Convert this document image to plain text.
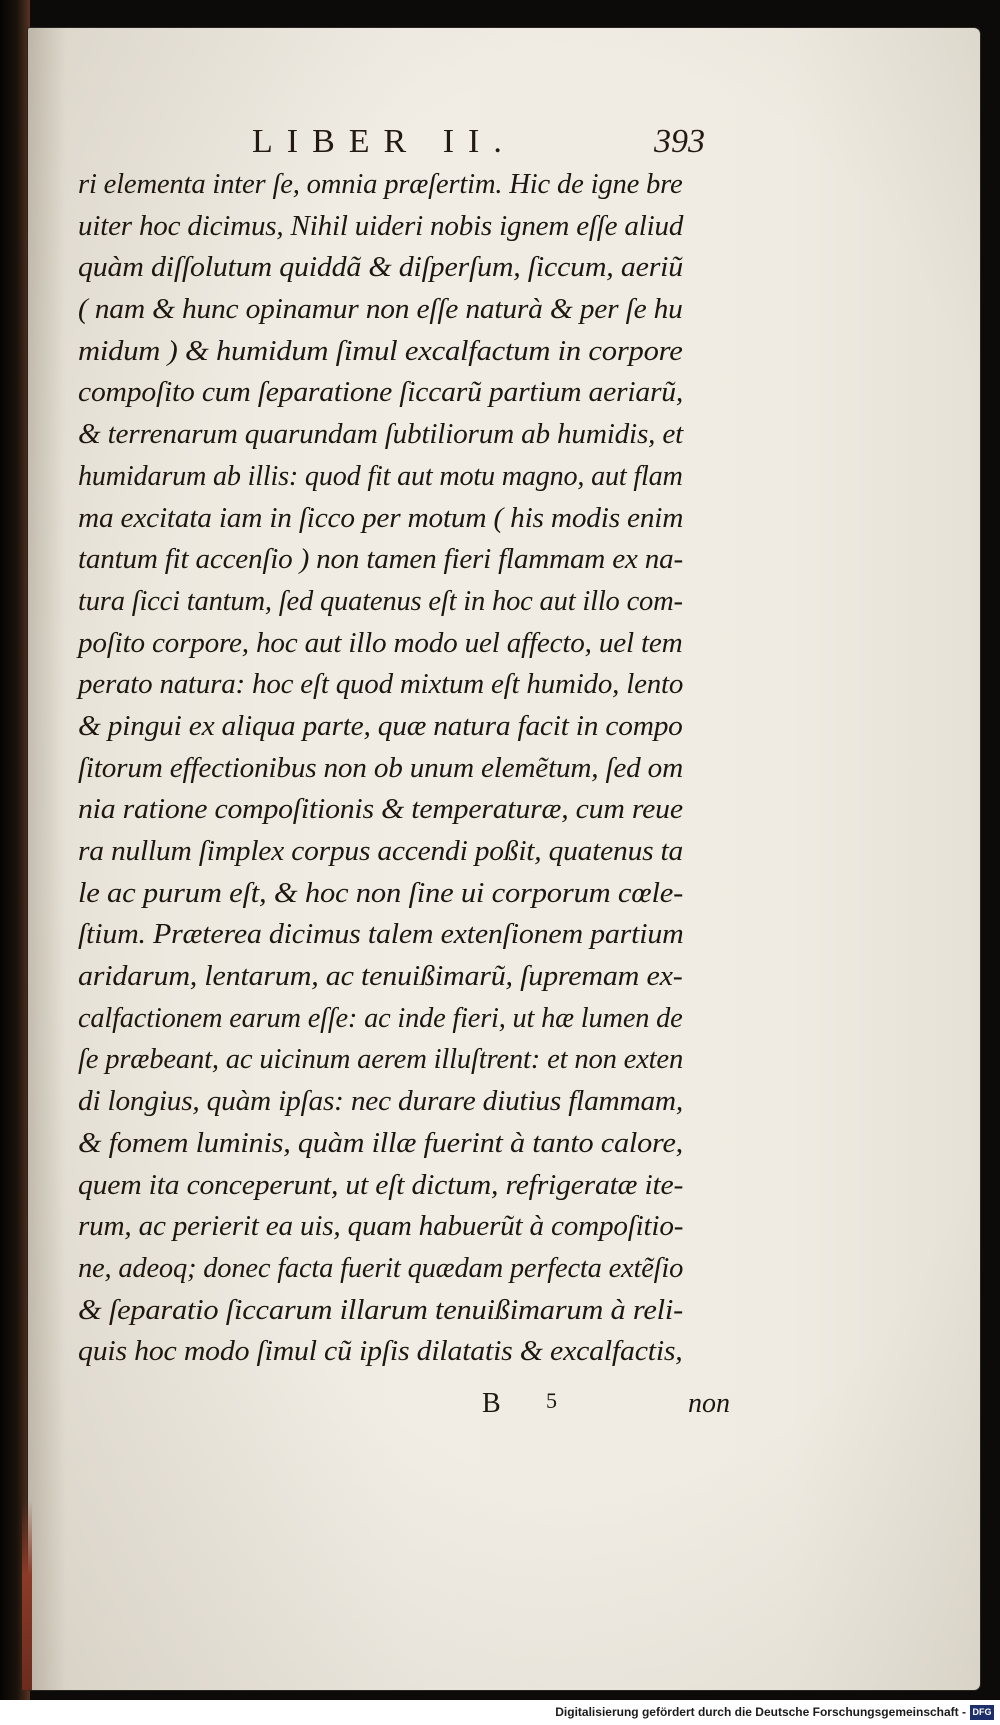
LIBER II.	393
ri elementa inter ſe, omnia præſertim. Hic de igne bre
uiter hoc dicimus, Nihil uideri nobis ignem eſſe aliud
quàm diſſolutum quiddã & diſperſum, ſiccum, aeriũ
( nam & hunc opinamur non eſſe naturà & per ſe hu
midum ) & humidum ſimul excalfactum in corpore
compoſito cum ſeparatione ſiccarũ partium aeriarũ,
& terrenarum quarundam ſubtiliorum ab humidis, et
humidarum ab illis: quod fit aut motu magno, aut flam
ma excitata iam in ſicco per motum ( his modis enim
tantum fit accenſio ) non tamen fieri flammam ex na-
tura ſicci tantum, ſed quatenus eſt in hoc aut illo com-
poſito corpore, hoc aut illo modo uel affecto, uel tem
perato natura: hoc eſt quod mixtum eſt humido, lento
& pingui ex aliqua parte, quæ natura facit in compo
ſitorum effectionibus non ob unum elemẽtum, ſed om
nia ratione compoſitionis & temperaturæ, cum reue
ra nullum ſimplex corpus accendi poßit, quatenus ta
le ac purum eſt, & hoc non ſine ui corporum cœle-
ſtium. Præterea dicimus talem extenſionem partium
aridarum, lentarum, ac tenuißimarũ, ſupremam ex-
calfactionem earum eſſe: ac inde fieri, ut hæ lumen de
ſe præbeant, ac uicinum aerem illuſtrent: et non exten
di longius, quàm ipſas: nec durare diutius flammam,
& fomem luminis, quàm illæ fuerint à tanto calore,
quem ita conceperunt, ut eſt dictum, refrigeratæ ite-
rum, ac perierit ea uis, quam habuerũt à compoſitio-
ne, adeoq; donec facta fuerit quædam perfecta extẽſio
& ſeparatio ſiccarum illarum tenuißimarum à reli-
quis hoc modo ſimul cũ ipſis dilatatis & excalfactis,
B 5	non
Digitalisierung gefördert durch die Deutsche Forschungsgemeinschaft - DFG
